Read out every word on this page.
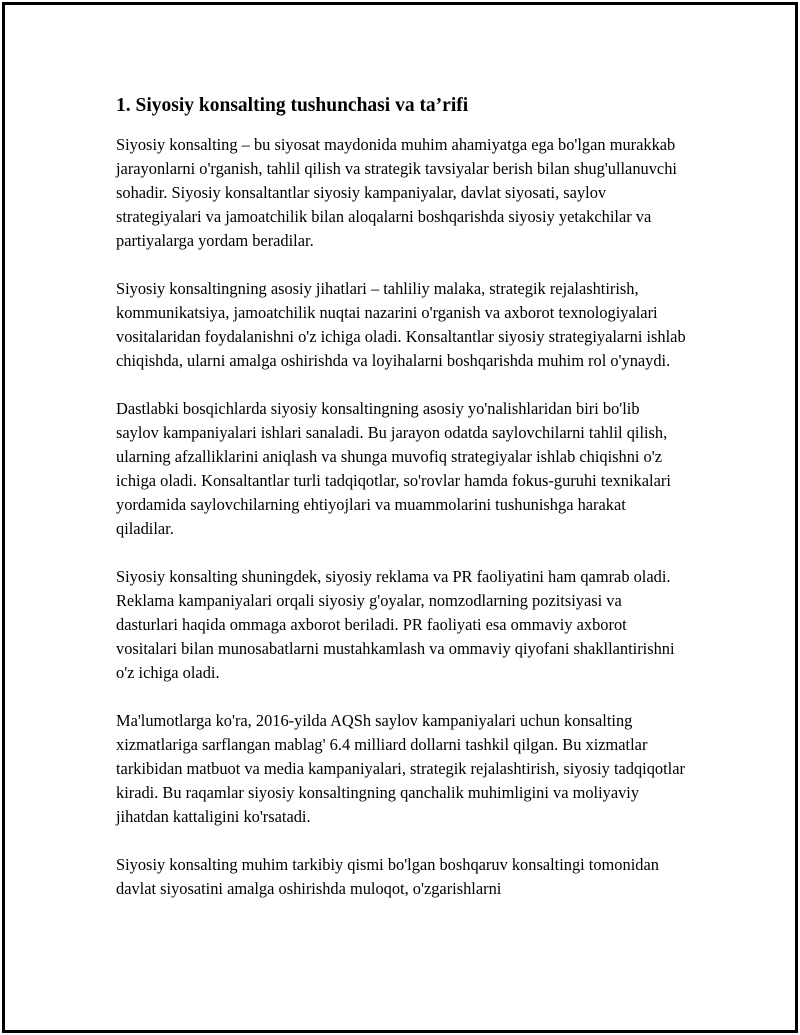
1. Siyosiy konsalting tushunchasi va ta’rifi

Siyosiy konsalting – bu siyosat maydonida muhim ahamiyatga ega bo'lgan murakkab jarayonlarni o'rganish, tahlil qilish va strategik tavsiyalar berish bilan shug'ullanuvchi sohadir. Siyosiy konsaltantlar siyosiy kampaniyalar, davlat siyosati, saylov strategiyalari va jamoatchilik bilan aloqalarni boshqarishda siyosiy yetakchilar va partiyalarga yordam beradilar.

Siyosiy konsaltingning asosiy jihatlari – tahliliy malaka, strategik rejalashtirish, kommunikatsiya, jamoatchilik nuqtai nazarini o'rganish va axborot texnologiyalari vositalaridan foydalanishni o'z ichiga oladi. Konsaltantlar siyosiy strategiyalarni ishlab chiqishda, ularni amalga oshirishda va loyihalarni boshqarishda muhim rol o'ynaydi.

Dastlabki bosqichlarda siyosiy konsaltingning asosiy yo'nalishlaridan biri bo'lib saylov kampaniyalari ishlari sanaladi. Bu jarayon odatda saylovchilarni tahlil qilish, ularning afzalliklarini aniqlash va shunga muvofiq strategiyalar ishlab chiqishni o'z ichiga oladi. Konsaltantlar turli tadqiqotlar, so'rovlar hamda fokus-guruhi texnikalari yordamida saylovchilarning ehtiyojlari va muammolarini tushunishga harakat qiladilar.

Siyosiy konsalting shuningdek, siyosiy reklama va PR faoliyatini ham qamrab oladi. Reklama kampaniyalari orqali siyosiy g'oyalar, nomzodlarning pozitsiyasi va dasturlari haqida ommaga axborot beriladi. PR faoliyati esa ommaviy axborot vositalari bilan munosabatlarni mustahkamlash va ommaviy qiyofani shakllantirishni o'z ichiga oladi.

Ma'lumotlarga ko'ra, 2016-yilda AQSh saylov kampaniyalari uchun konsalting xizmatlariga sarflangan mablag' 6.4 milliard dollarni tashkil qilgan. Bu xizmatlar tarkibidan matbuot va media kampaniyalari, strategik rejalashtirish, siyosiy tadqiqotlar kiradi. Bu raqamlar siyosiy konsaltingning qanchalik muhimligini va moliyaviy jihatdan kattaligini ko'rsatadi.

Siyosiy konsalting muhim tarkibiy qismi bo'lgan boshqaruv konsaltingi tomonidan davlat siyosatini amalga oshirishda muloqot, o'zgarishlarni
